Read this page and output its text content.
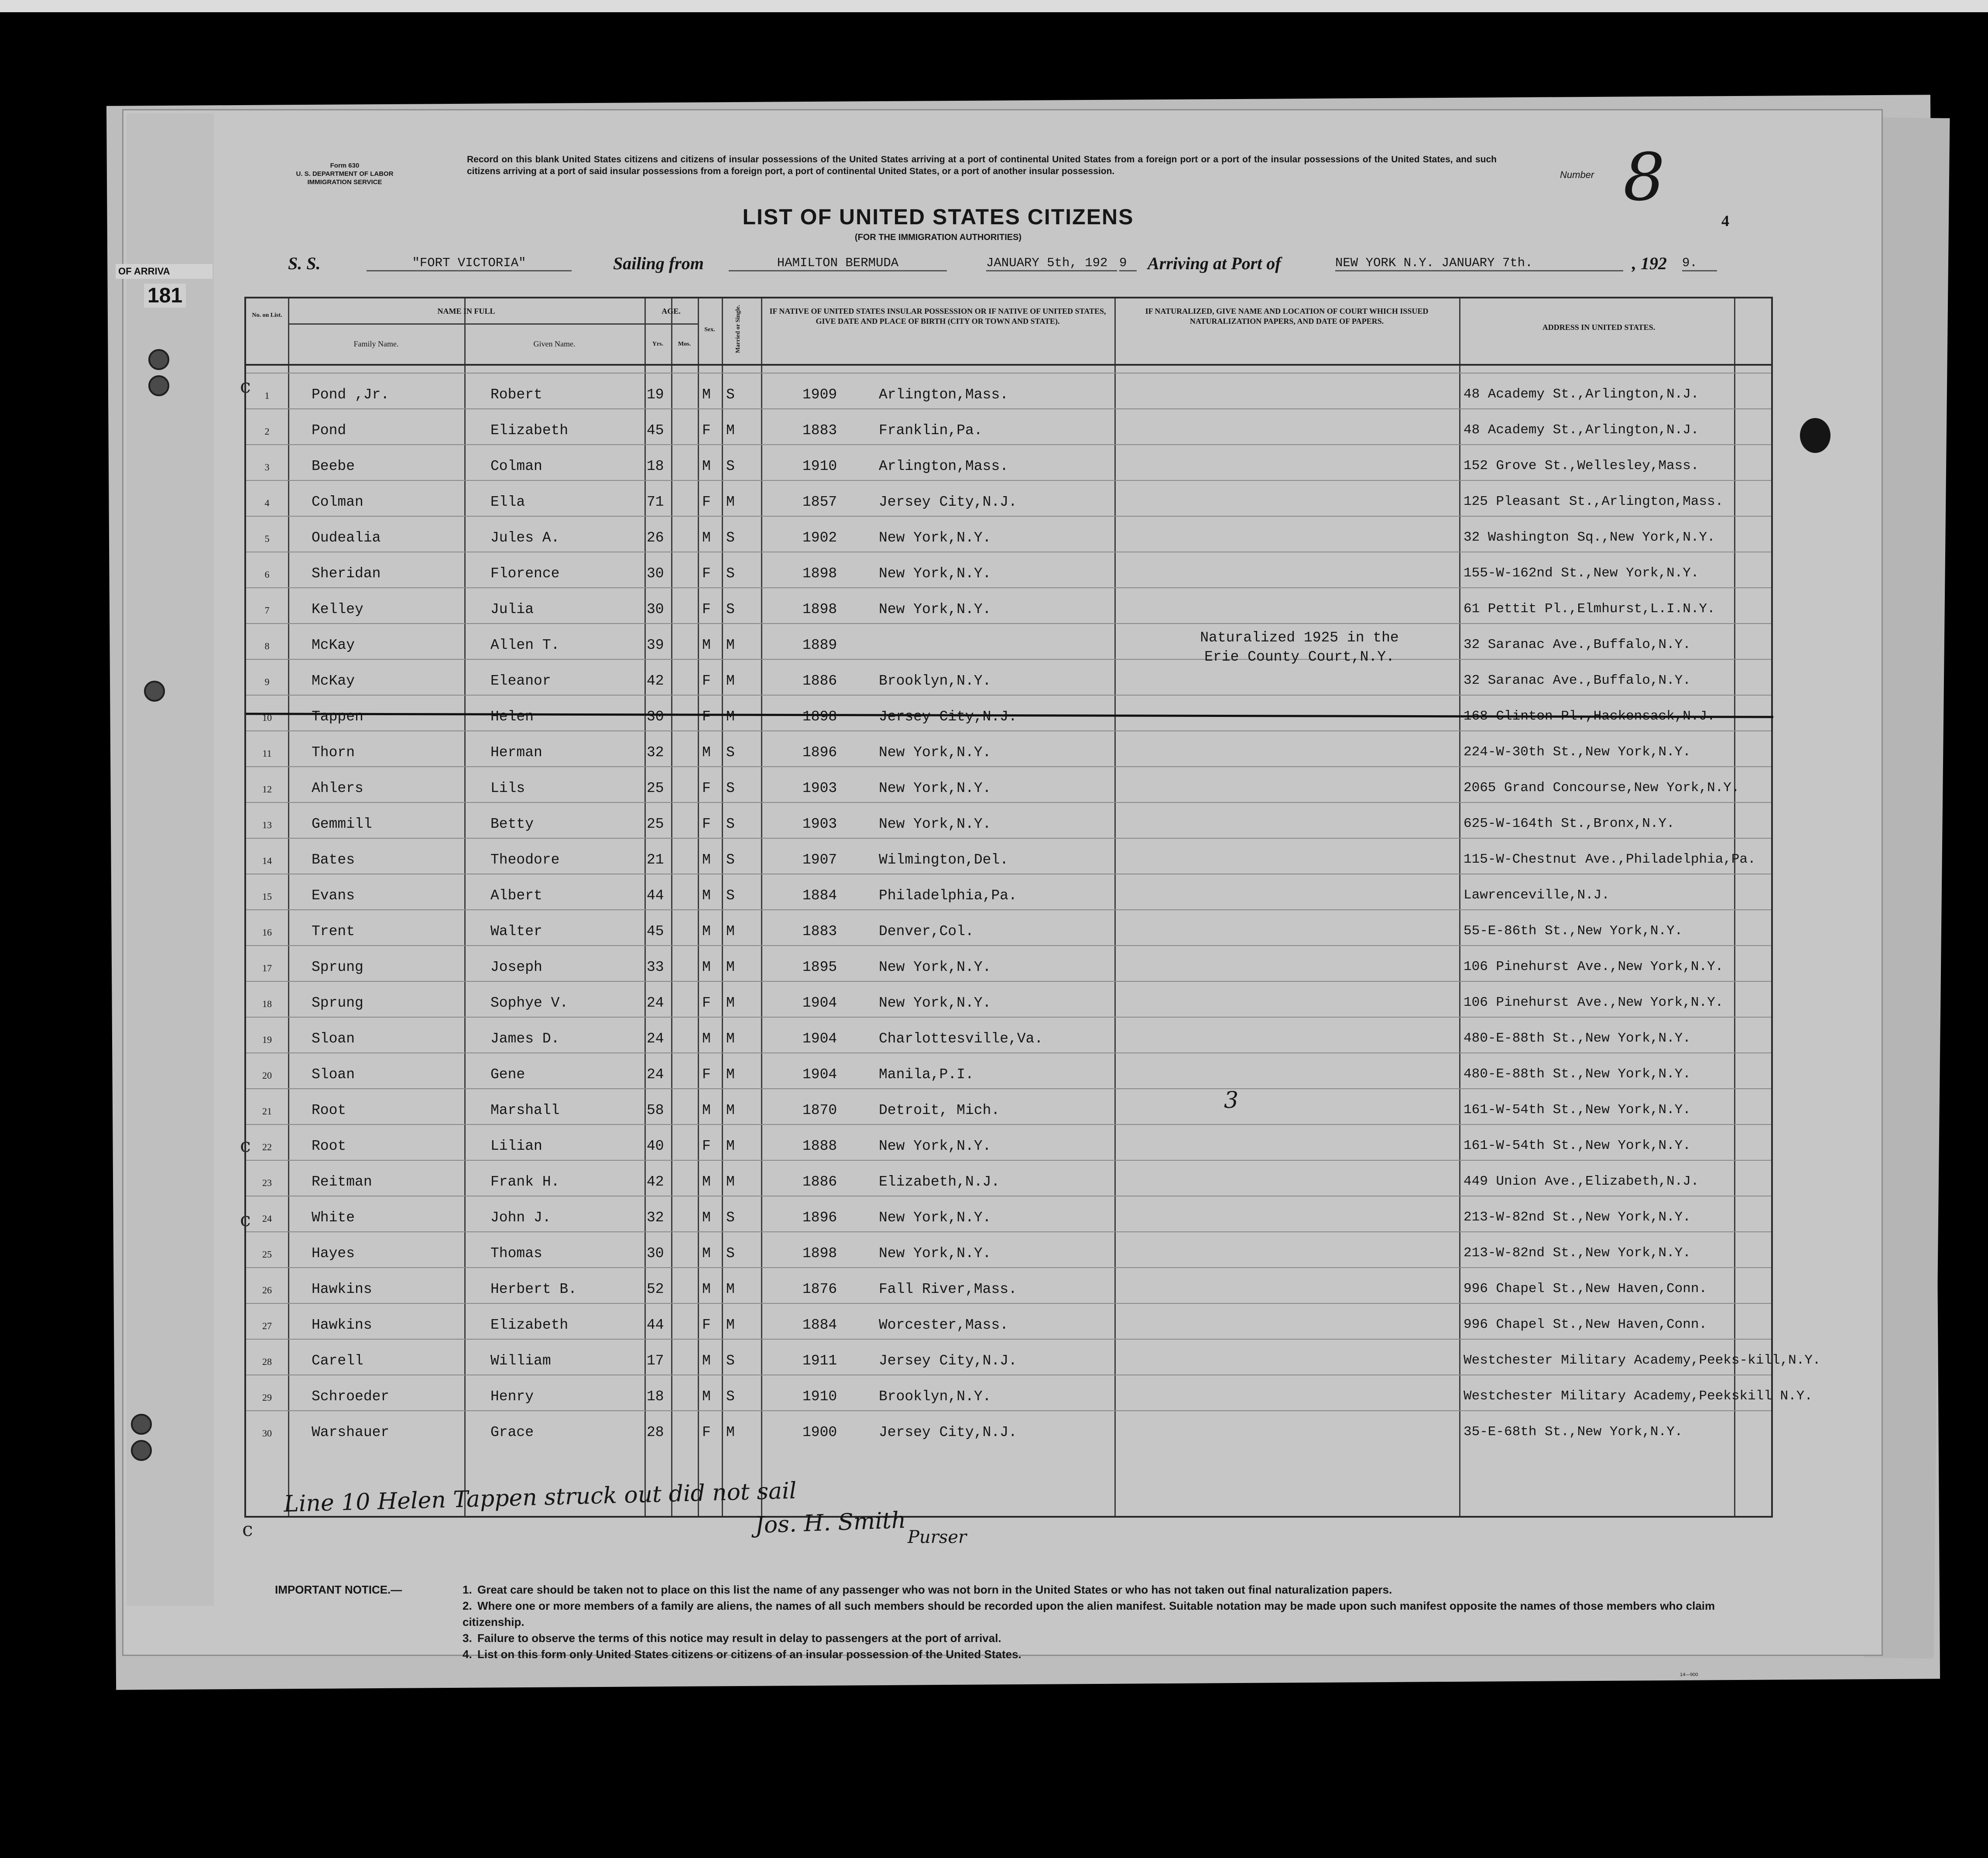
c
c
c
c
OF ARRIVA
181
Form 630
U. S. DEPARTMENT OF LABOR
IMMIGRATION SERVICE
Record on this blank United States citizens and citizens of insular possessions of the United States arriving at a port of continental United States from a foreign port or a port of the insular possessions of the United States, and such citizens arriving at a port of said insular possessions from a foreign port, a port of continental United States, or a port of another insular possession.
LIST OF UNITED STATES CITIZENS
(FOR THE IMMIGRATION AUTHORITIES)
Number 8
4
S. S.	"FORT VICTORIA"	Sailing from	HAMILTON BERMUDA	JANUARY 5th, 192 9	Arriving at Port of	NEW YORK N.Y. JANUARY 7th.	, 192 9.
No. on List.	NAME IN FULL
Family Name.	Given Name.
AGE.
Yrs.	Mos.
Sex.	Married or Single.	IF NATIVE OF UNITED STATES INSULAR POSSESSION OR IF NATIVE OF UNITED STATES, GIVE DATE AND PLACE OF BIRTH (CITY OR TOWN AND STATE).
IF NATURALIZED, GIVE NAME AND LOCATION OF COURT WHICH ISSUED NATURALIZATION PAPERS, AND DATE OF PAPERS.
ADDRESS IN UNITED STATES.
1	Pond ,Jr.	Robert	19	M S	1909	Arlington,Mass.	48 Academy St.,Arlington,N.J.
2	Pond	Elizabeth	45	F M	1883	Franklin,Pa.	48 Academy St.,Arlington,N.J.
3	Beebe	Colman	18	M S	1910	Arlington,Mass.	152 Grove St.,Wellesley,Mass.
4	Colman	Ella	71	F M	1857	Jersey City,N.J.	125 Pleasant St.,Arlington,Mass.
5	Oudealia	Jules A.	26	M S	1902	New York,N.Y.	32 Washington Sq.,New York,N.Y.
6	Sheridan	Florence	30	F S	1898	New York,N.Y.	155-W-162nd St.,New York,N.Y.
7	Kelley	Julia	30	F S	1898	New York,N.Y.	61 Pettit Pl.,Elmhurst,L.I.N.Y.
8	McKay	Allen T.	39	M M	1889	32 Saranac Ave.,Buffalo,N.Y.
9	McKay	Eleanor	42	F M	1886	Brooklyn,N.Y.	32 Saranac Ave.,Buffalo,N.Y.
10	Tappen	Helen	30	F M	1898	Jersey City,N.J.	168 Clinton Pl.,Hackensack,N.J.
11	Thorn	Herman	32	M S	1896	New York,N.Y.	224-W-30th St.,New York,N.Y.
12	Ahlers	Lils	25	F S	1903	New York,N.Y.	2065 Grand Concourse,New York,N.Y.
13	Gemmill	Betty	25	F S	1903	New York,N.Y.	625-W-164th St.,Bronx,N.Y.
14	Bates	Theodore	21	M S	1907	Wilmington,Del.	115-W-Chestnut Ave.,Philadelphia,Pa.
15	Evans	Albert	44	M S	1884	Philadelphia,Pa.	Lawrenceville,N.J.
16	Trent	Walter	45	M M	1883	Denver,Col.	55-E-86th St.,New York,N.Y.
17	Sprung	Joseph	33	M M	1895	New York,N.Y.	106 Pinehurst Ave.,New York,N.Y.
18	Sprung	Sophye V.	24	F M	1904	New York,N.Y.	106 Pinehurst Ave.,New York,N.Y.
19	Sloan	James D.	24	M M	1904	Charlottesville,Va.	480-E-88th St.,New York,N.Y.
20	Sloan	Gene	24	F M	1904	Manila,P.I.	480-E-88th St.,New York,N.Y.
21	Root	Marshall	58	M M	1870	Detroit, Mich.	161-W-54th St.,New York,N.Y.
22	Root	Lilian	40	F M	1888	New York,N.Y.	161-W-54th St.,New York,N.Y.
23	Reitman	Frank H.	42	M M	1886	Elizabeth,N.J.	449 Union Ave.,Elizabeth,N.J.
24	White	John J.	32	M S	1896	New York,N.Y.	213-W-82nd St.,New York,N.Y.
25	Hayes	Thomas	30	M S	1898	New York,N.Y.	213-W-82nd St.,New York,N.Y.
26	Hawkins	Herbert B.	52	M M	1876	Fall River,Mass.	996 Chapel St.,New Haven,Conn.
27	Hawkins	Elizabeth	44	F M	1884	Worcester,Mass.	996 Chapel St.,New Haven,Conn.
28	Carell	William	17	M S	1911	Jersey City,N.J.	Westchester Military Academy,Peeks-kill,N.Y.
29	Schroeder	Henry	18	M S	1910	Brooklyn,N.Y.	Westchester Military Academy,Peekskill N.Y.
30	Warshauer	Grace	28	F M	1900	Jersey City,N.J.	35-E-68th St.,New York,N.Y.
Naturalized 1925 in the
Erie County Court,N.Y.
3
Line 10 Helen Tappen struck out did not sail
Jos. H. Smith Purser
IMPORTANT NOTICE.—	1. Great care should be taken not to place on this list the name of any passenger who was not born in the United States or who has not taken out final naturalization papers.
2. Where one or more members of a family are aliens, the names of all such members should be recorded upon the alien manifest. Suitable notation may be made upon such manifest opposite the names of those members who claim citizenship.
3. Failure to observe the terms of this notice may result in delay to passengers at the port of arrival.
4. List on this form only United States citizens or citizens of an insular possession of the United States.
14—900
